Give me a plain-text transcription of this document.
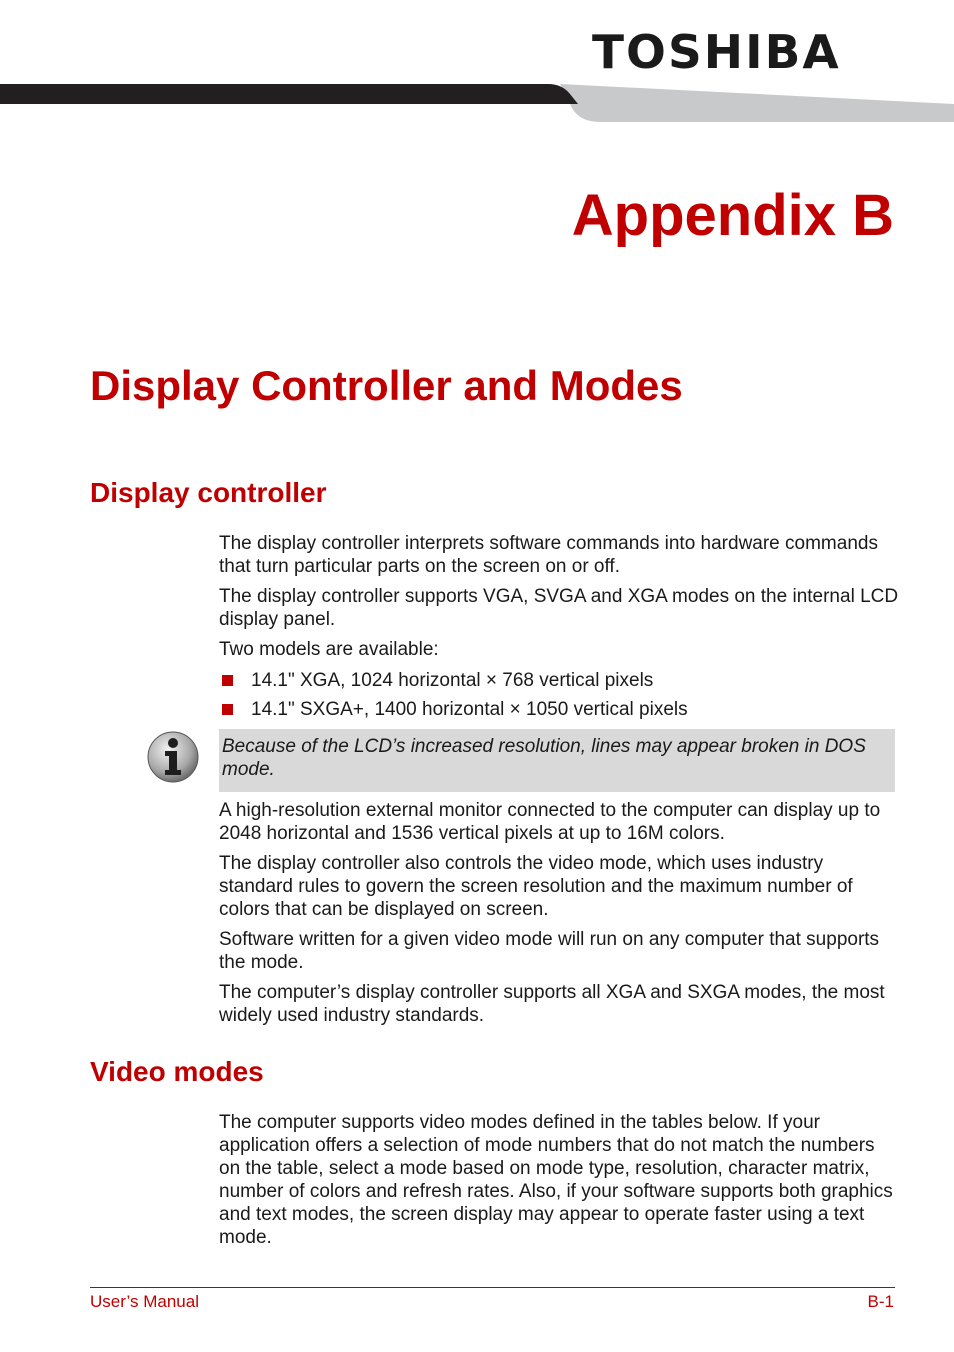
TOSHIBA
Appendix B
Display Controller and Modes
Display controller

The display controller interprets software commands into hardware commands that turn particular parts on the screen on or off.

The display controller supports VGA, SVGA and XGA modes on the internal LCD display panel.

Two models are available:

14.1" XGA, 1024 horizontal × 768 vertical pixels
14.1" SXGA+, 1400 horizontal × 1050 vertical pixels

Because of the LCD’s increased resolution, lines may appear broken in DOS mode.

A high-resolution external monitor connected to the computer can display up to 2048 horizontal and 1536 vertical pixels at up to 16M colors.

The display controller also controls the video mode, which uses industry standard rules to govern the screen resolution and the maximum number of colors that can be displayed on screen.

Software written for a given video mode will run on any computer that supports the mode.

The computer’s display controller supports all XGA and SXGA modes, the most widely used industry standards.

Video modes

The computer supports video modes defined in the tables below. If your application offers a selection of mode numbers that do not match the numbers on the table, select a mode based on mode type, resolution, character matrix, number of colors and refresh rates. Also, if your software supports both graphics and text modes, the screen display may appear to operate faster using a text mode.

User’s Manual	B-1
